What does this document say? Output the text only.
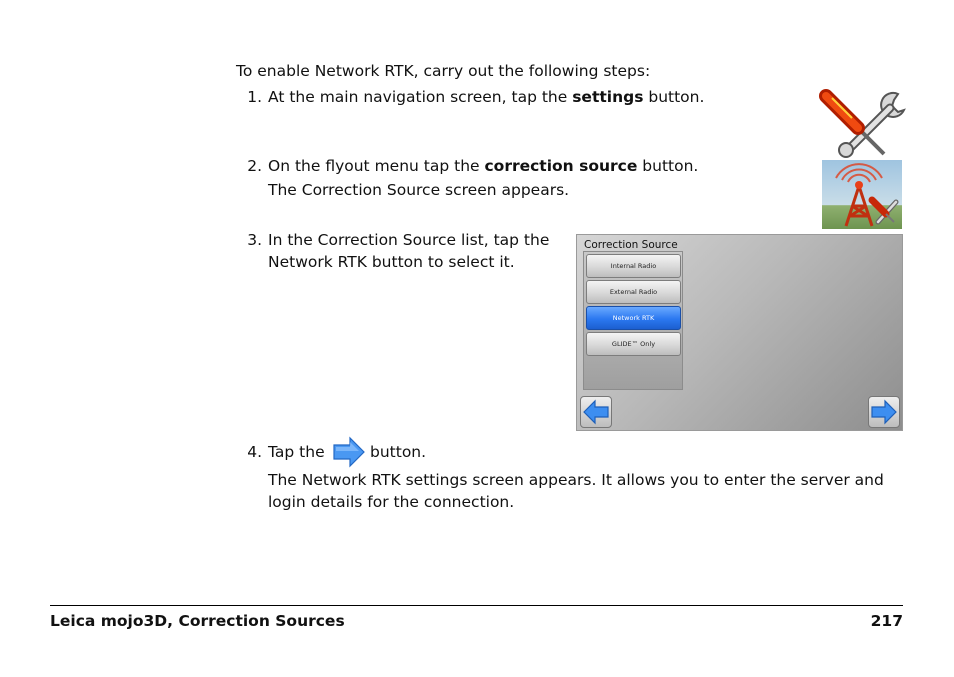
To enable Network RTK, carry out the following steps:
1. At the main navigation screen, tap the settings button.
2. On the flyout menu tap the correction source button.
The Correction Source screen appears.
3. In the Correction Source list, tap the
Network RTK button to select it.
Correction Source
Internal Radio
External Radio
Network RTK
GLIDE™ Only
4. Tap the	button.
The Network RTK settings screen appears. It allows you to enter the server and
login details for the connection.
Leica mojo3D, Correction Sources	217
